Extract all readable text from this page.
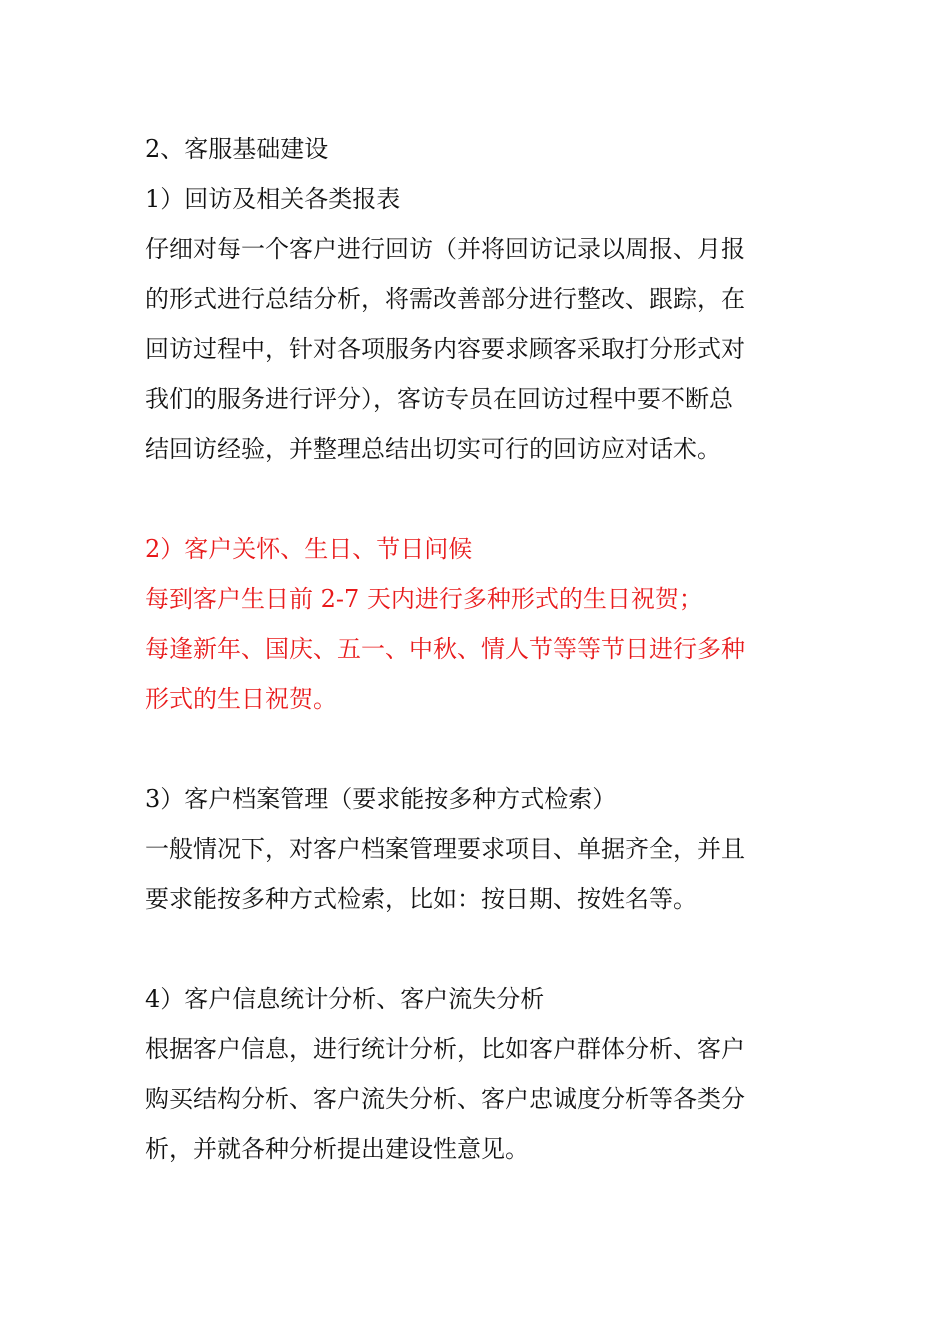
2、客服基础建设
1）回访及相关各类报表
仔细对每一个客户进行回访（并将回访记录以周报、月报
的形式进行总结分析，将需改善部分进行整改、跟踪，在
回访过程中，针对各项服务内容要求顾客采取打分形式对
我们的服务进行评分），客访专员在回访过程中要不断总
结回访经验，并整理总结出切实可行的回访应对话术。
2）客户关怀、生日、节日问候
每到客户生日前 2-7 天内进行多种形式的生日祝贺；
每逢新年、国庆、五一、中秋、情人节等等节日进行多种
形式的生日祝贺。
3）客户档案管理（要求能按多种方式检索）
一般情况下，对客户档案管理要求项目、单据齐全，并且
要求能按多种方式检索，比如：按日期、按姓名等。
4）客户信息统计分析、客户流失分析
根据客户信息，进行统计分析，比如客户群体分析、客户
购买结构分析、客户流失分析、客户忠诚度分析等各类分
析，并就各种分析提出建设性意见。
